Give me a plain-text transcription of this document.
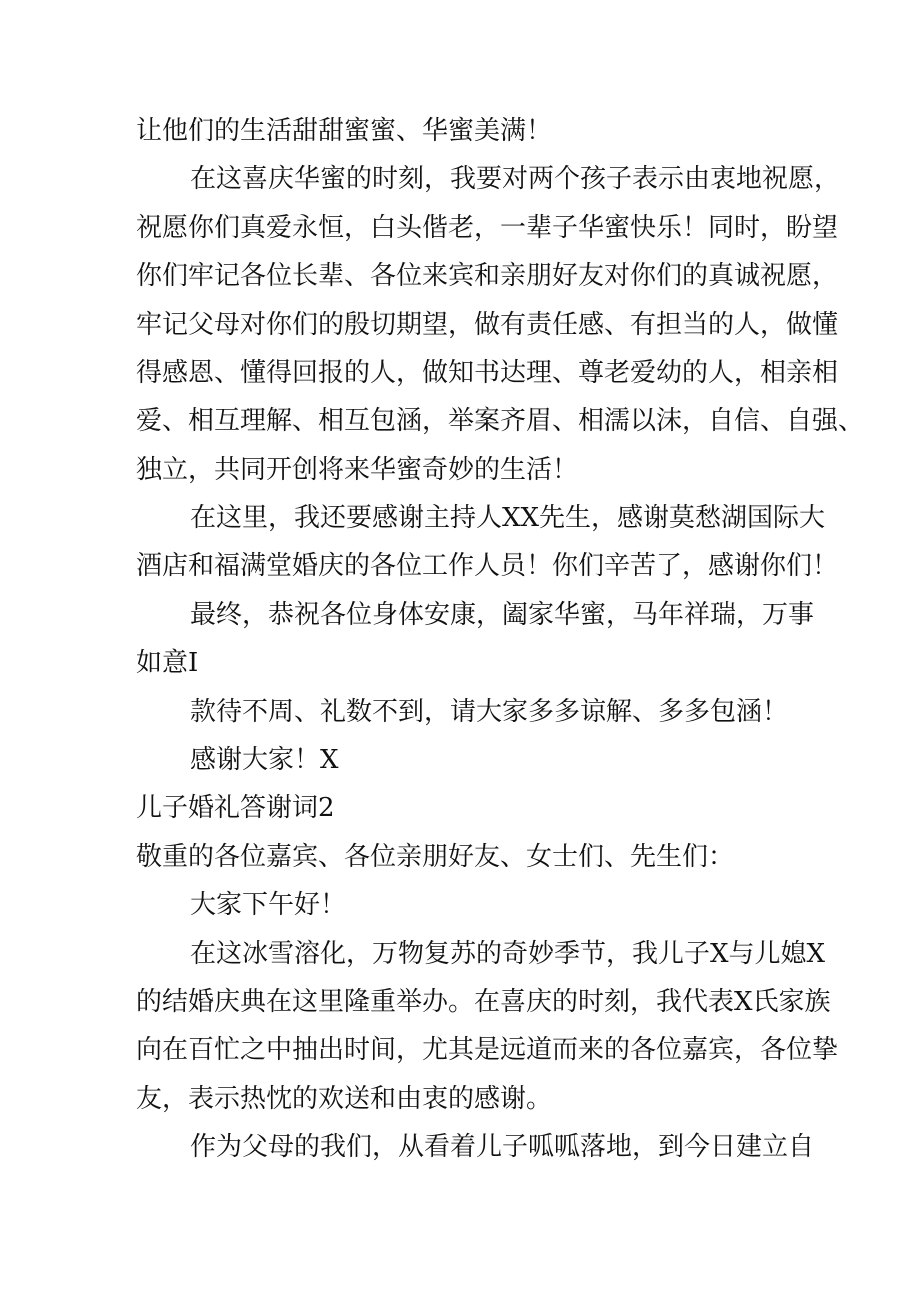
让他们的生活甜甜蜜蜜、华蜜美满！
在这喜庆华蜜的时刻，我要对两个孩子表示由衷地祝愿，
祝愿你们真爱永恒，白头偕老，一辈子华蜜快乐！同时，盼望
你们牢记各位长辈、各位来宾和亲朋好友对你们的真诚祝愿，
牢记父母对你们的殷切期望，做有责任感、有担当的人，做懂
得感恩、懂得回报的人，做知书达理、尊老爱幼的人，相亲相
爱、相互理解、相互包涵，举案齐眉、相濡以沫，自信、自强、
独立，共同开创将来华蜜奇妙的生活！
在这里，我还要感谢主持人XX先生，感谢莫愁湖国际大
酒店和福满堂婚庆的各位工作人员！你们辛苦了，感谢你们！
最终，恭祝各位身体安康，阖家华蜜，马年祥瑞，万事
如意I
款待不周、礼数不到，请大家多多谅解、多多包涵！
感谢大家！X
儿子婚礼答谢词2
敬重的各位嘉宾、各位亲朋好友、女士们、先生们：
大家下午好！
在这冰雪溶化，万物复苏的奇妙季节，我儿子X与儿媳X
的结婚庆典在这里隆重举办。在喜庆的时刻，我代表X氏家族
向在百忙之中抽出时间，尤其是远道而来的各位嘉宾，各位挚
友，表示热忱的欢送和由衷的感谢。
作为父母的我们，从看着儿子呱呱落地，到今日建立自
